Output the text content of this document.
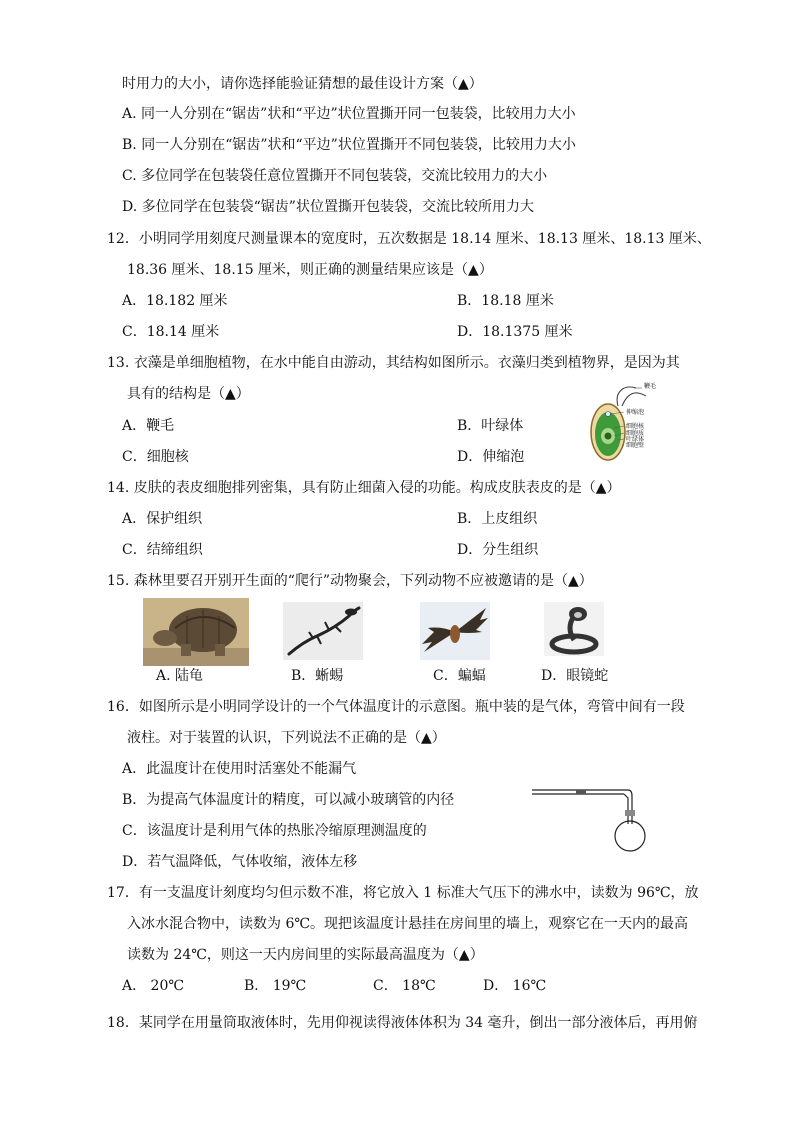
时用力的大小，请你选择能验证猜想的最佳设计方案（▲）
A. 同一人分别在“锯齿”状和“平边”状位置撕开同一包装袋，比较用力大小
B. 同一人分别在“锯齿”状和“平边”状位置撕开不同包装袋，比较用力大小
C. 多位同学在包装袋任意位置撕开不同包装袋，交流比较用力的大小
D. 多位同学在包装袋“锯齿”状位置撕开包装袋，交流比较所用力大
12．小明同学用刻度尺测量课本的宽度时，五次数据是 18.14 厘米、18.13 厘米、18.13 厘米、
18.36 厘米、18.15 厘米，则正确的测量结果应该是（▲）
A．18.182 厘米	B．18.18 厘米
C．18.14 厘米	D．18.1375 厘米
13. 衣藻是单细胞植物，在水中能自由游动，其结构如图所示。衣藻归类到植物界，是因为其
具有的结构是（▲）
A．鞭毛	B．叶绿体
C．细胞核	D．伸缩泡
鞭毛
伸缩泡
细胞核
细胞质
叶绿体
细胞壁
14. 皮肤的表皮细胞排列密集，具有防止细菌入侵的功能。构成皮肤表皮的是（▲）
A．保护组织	B．上皮组织
C．结缔组织	D．分生组织
15. 森林里要召开别开生面的“爬行”动物聚会，下列动物不应被邀请的是（▲）
A. 陆龟	B．蜥蜴	C．蝙蝠	D．眼镜蛇
16．如图所示是小明同学设计的一个气体温度计的示意图。瓶中装的是气体，弯管中间有一段
液柱。对于装置的认识，下列说法不正确的是（▲）
A．此温度计在使用时活塞处不能漏气
B．为提高气体温度计的精度，可以减小玻璃管的内径
C．该温度计是利用气体的热胀冷缩原理测温度的
D．若气温降低，气体收缩，液体左移
17．有一支温度计刻度均匀但示数不准，将它放入 1 标准大气压下的沸水中，读数为 96℃，放
入冰水混合物中，读数为 6℃。现把该温度计悬挂在房间里的墙上，观察它在一天内的最高
读数为 24℃，则这一天内房间里的实际最高温度为（▲）
A． 20℃	B． 19℃	C． 18℃	D． 16℃
18．某同学在用量筒取液体时，先用仰视读得液体体积为 34 毫升，倒出一部分液体后，再用俯
